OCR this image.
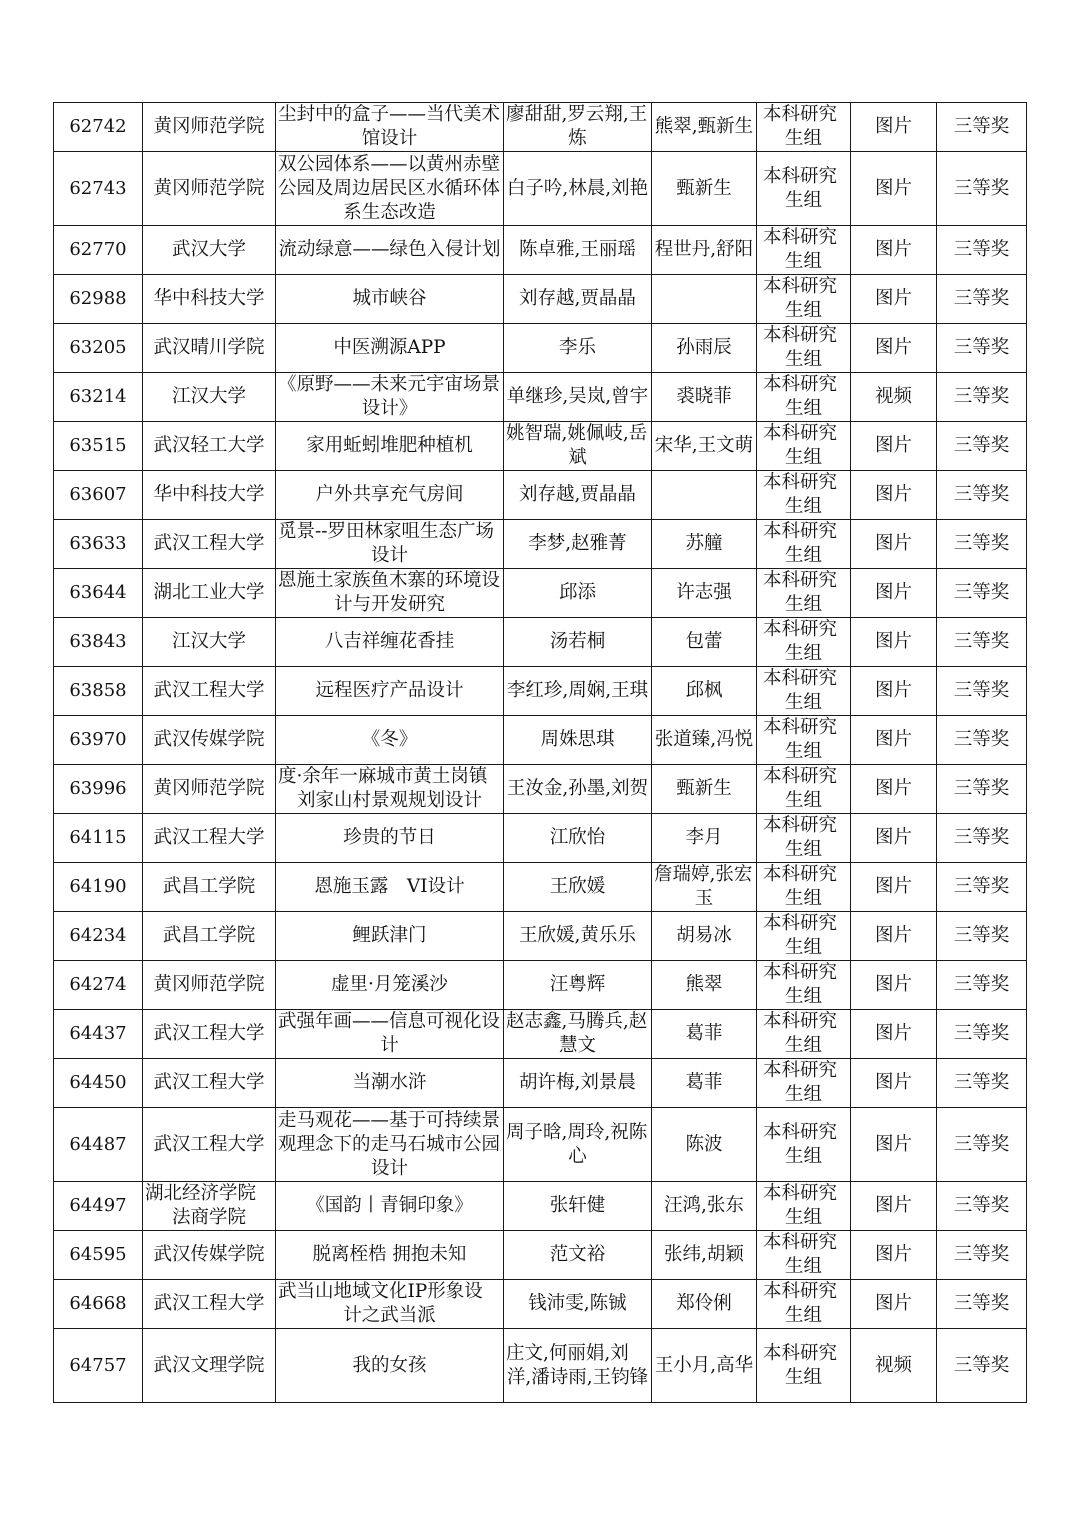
62742	黄冈师范学院	尘封中的盒子——当代美术馆设计	廖甜甜,罗云翔,王炼	熊翠,甄新生	本科研究生组	图片	三等奖
62743	黄冈师范学院	双公园体系——以黄州赤壁公园及周边居民区水循环体系生态改造	白子吟,林晨,刘艳	甄新生	本科研究生组	图片	三等奖
62770	武汉大学	流动绿意——绿色入侵计划	陈卓雅,王丽瑶	程世丹,舒阳	本科研究生组	图片	三等奖
62988	华中科技大学	城市峡谷	刘存越,贾晶晶		本科研究生组	图片	三等奖
63205	武汉晴川学院	中医溯源APP	李乐	孙雨辰	本科研究生组	图片	三等奖
63214	江汉大学	《原野——未来元宇宙场景设计》	单继珍,吴岚,曾宇	裘晓菲	本科研究生组	视频	三等奖
63515	武汉轻工大学	家用蚯蚓堆肥种植机	姚智瑞,姚佩岐,岳斌	宋华,王文萌	本科研究生组	图片	三等奖
63607	华中科技大学	户外共享充气房间	刘存越,贾晶晶		本科研究生组	图片	三等奖
63633	武汉工程大学	觅景--罗田林家咀生态广场设计	李梦,赵雅菁	苏艟	本科研究生组	图片	三等奖
63644	湖北工业大学	恩施土家族鱼木寨的环境设计与开发研究	邱添	许志强	本科研究生组	图片	三等奖
63843	江汉大学	八吉祥缠花香挂	汤若桐	包蕾	本科研究生组	图片	三等奖
63858	武汉工程大学	远程医疗产品设计	李红珍,周娴,王琪	邱枫	本科研究生组	图片	三等奖
63970	武汉传媒学院	《冬》	周姝思琪	张道臻,冯悦	本科研究生组	图片	三等奖
63996	黄冈师范学院	度·余年一麻城市黄土岗镇刘家山村景观规划设计	王汝金,孙墨,刘贺	甄新生	本科研究生组	图片	三等奖
64115	武汉工程大学	珍贵的节日	江欣怡	李月	本科研究生组	图片	三等奖
64190	武昌工学院	恩施玉露　VI设计	王欣媛	詹瑞婷,张宏玉	本科研究生组	图片	三等奖
64234	武昌工学院	鲤跃津门	王欣媛,黄乐乐	胡易冰	本科研究生组	图片	三等奖
64274	黄冈师范学院	虚里·月笼溪沙	汪粤辉	熊翠	本科研究生组	图片	三等奖
64437	武汉工程大学	武强年画——信息可视化设计	赵志鑫,马腾兵,赵慧文	葛菲	本科研究生组	图片	三等奖
64450	武汉工程大学	当潮水浒	胡许梅,刘景晨	葛菲	本科研究生组	图片	三等奖
64487	武汉工程大学	走马观花——基于可持续景观理念下的走马石城市公园设计	周子晗,周玲,祝陈心	陈波	本科研究生组	图片	三等奖
64497	湖北经济学院法商学院	《国韵丨青铜印象》	张轩健	汪鸿,张东	本科研究生组	图片	三等奖
64595	武汉传媒学院	脱离桎梏 拥抱未知	范文裕	张纬,胡颖	本科研究生组	图片	三等奖
64668	武汉工程大学	武当山地域文化IP形象设计之武当派	钱沛雯,陈铖	郑伶俐	本科研究生组	图片	三等奖
64757	武汉文理学院	我的女孩	庄文,何丽娟,刘洋,潘诗雨,王钧锋	王小月,高华	本科研究生组	视频	三等奖
